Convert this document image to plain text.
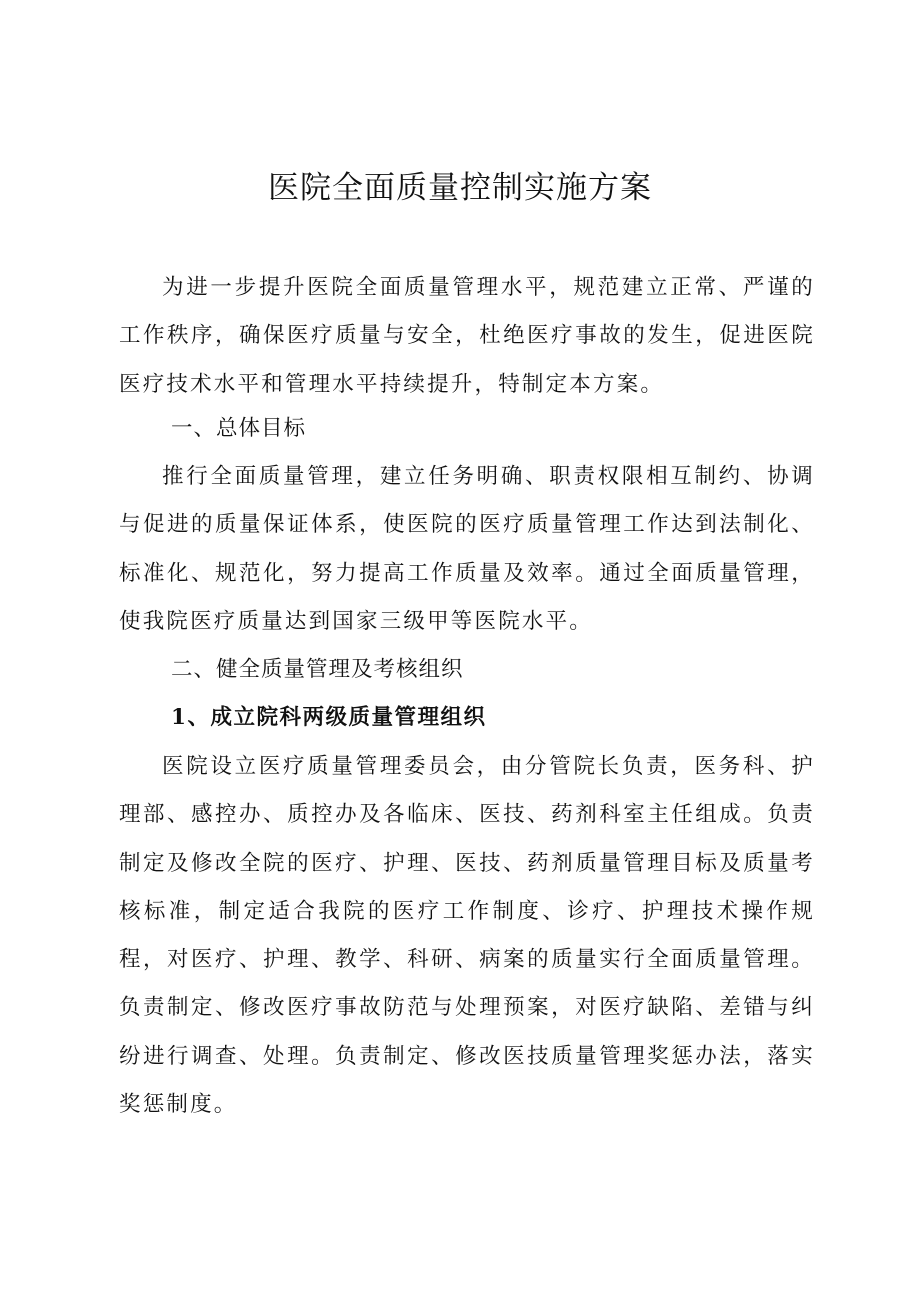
医院全面质量控制实施方案

为进一步提升医院全面质量管理水平，规范建立正常、严谨的工作秩序，确保医疗质量与安全，杜绝医疗事故的发生，促进医院医疗技术水平和管理水平持续提升，特制定本方案。

一、总体目标

推行全面质量管理，建立任务明确、职责权限相互制约、协调与促进的质量保证体系，使医院的医疗质量管理工作达到法制化、标准化、规范化，努力提高工作质量及效率。通过全面质量管理，使我院医疗质量达到国家三级甲等医院水平。

二、健全质量管理及考核组织
1、成立院科两级质量管理组织

医院设立医疗质量管理委员会，由分管院长负责，医务科、护理部、感控办、质控办及各临床、医技、药剂科室主任组成。负责制定及修改全院的医疗、护理、医技、药剂质量管理目标及质量考核标准，制定适合我院的医疗工作制度、诊疗、护理技术操作规程，对医疗、护理、教学、科研、病案的质量实行全面质量管理。负责制定、修改医疗事故防范与处理预案，对医疗缺陷、差错与纠纷进行调查、处理。负责制定、修改医技质量管理奖惩办法，落实奖惩制度。
